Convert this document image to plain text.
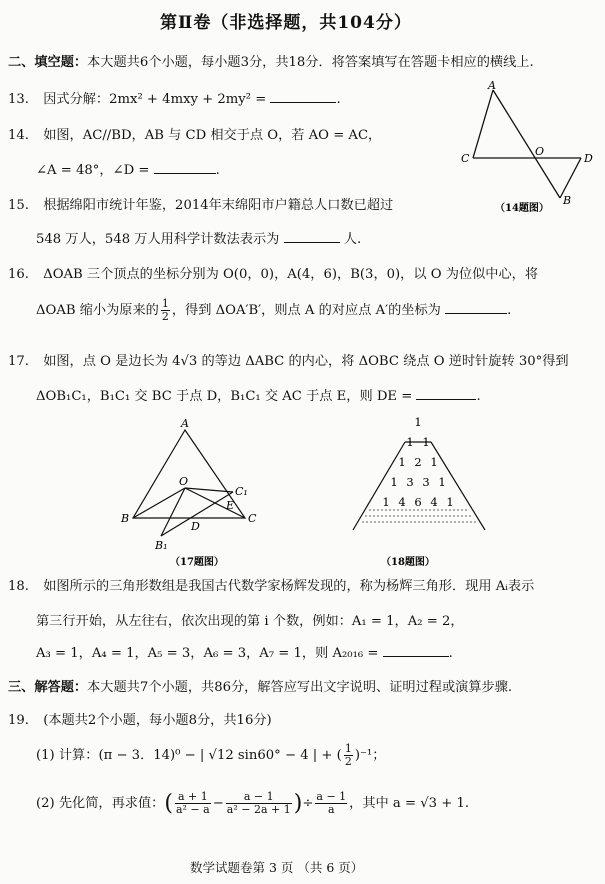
第Ⅱ卷（非选择题，共104分）
二、填空题：本大题共6个小题，每小题3分，共18分．将答案填写在答题卡相应的横线上.
13. 因式分解：2mx² + 4mxy + 2my² =	.
14. 如图，AC//BD，AB 与 CD 相交于点 O，若 AO = AC，
∠A = 48°，∠D =	.
A
C
O
D
B
（14题图）
15. 根据绵阳市统计年鉴，2014年末绵阳市户籍总人口数已超过
548 万人，548 万人用科学计数法表示为	人.
16. ΔOAB 三个顶点的坐标分别为 O(0，0)，A(4，6)，B(3，0)，以 O 为位似中心，将
ΔOAB 缩小为原来的 $\frac{1}{2}$ ，得到 ΔOA′B′，则点 A 的对应点 A′的坐标为	.
17. 如图，点 O 是边长为 4√3 的等边 ΔABC 的内心，将 ΔOBC 绕点 O 逆时针旋转 30°得到
ΔOB₁C₁，B₁C₁ 交 BC 于点 D，B₁C₁ 交 AC 于点 E，则 DE =	.
A
O
C₁
E
C
B
D
B₁
（17题图）
1
1 1
1 2 1
1 3 3 1
1 4 6 4 1
（18题图）
18. 如图所示的三角形数组是我国古代数学家杨辉发现的，称为杨辉三角形．现用 Aᵢ表示
第三行开始，从左往右，依次出现的第 i 个数，例如：A₁ = 1，A₂ = 2，
A₃ = 1，A₄ = 1，A₅ = 3，A₆ = 3，A₇ = 1，则 A₂₀₁₆ =	.
三、解答题：本大题共7个小题，共86分，解答应写出文字说明、证明过程或演算步骤.
19. (本题共2个小题，每小题8分，共16分)
(1) 计算：(π − 3．14)⁰ − | √12 sin60° − 4 | + ( $\frac{1}{2} )^{-1}$；
(2) 先化简，再求值：( $\frac{a + 1}{\text{a² − a}} - \frac{a - 1}{\text{a² − 2a + 1}}$ )÷ $\frac{a - 1}{a}$ ，其中 a = √3 + 1.
数学试题卷第 3 页 （共 6 页）
